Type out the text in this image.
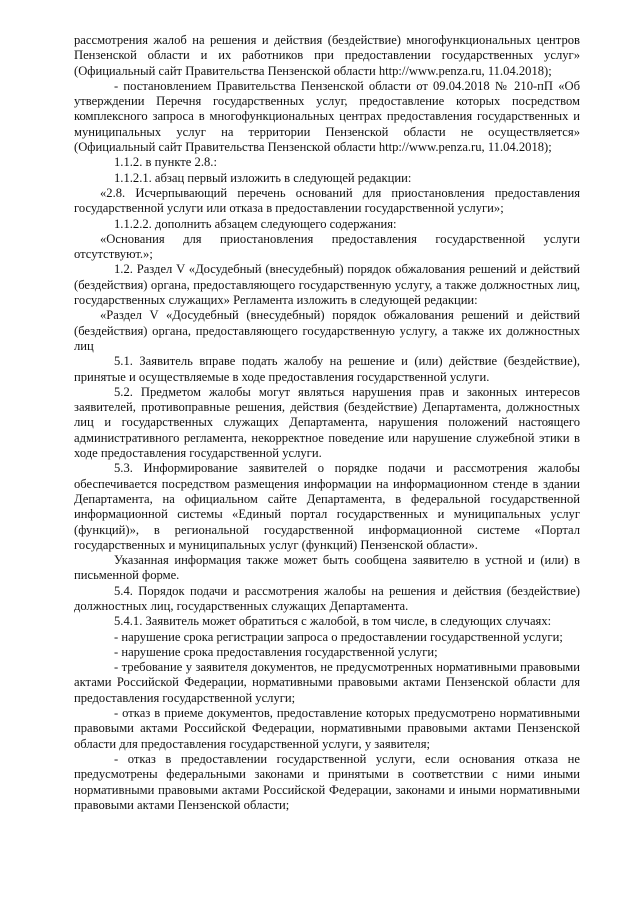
рассмотрения жалоб на решения и действия (бездействие) многофункциональных центров Пензенской области и их работников при предоставлении государственных услуг» (Официальный сайт Правительства Пензенской области http://www.penza.ru, 11.04.2018);

- постановлением Правительства Пензенской области от 09.04.2018 № 210-пП «Об утверждении Перечня государственных услуг, предоставление которых посредством комплексного запроса в многофункциональных центрах предоставления государственных и муниципальных услуг на территории Пензенской области не осуществляется» (Официальный сайт Правительства Пензенской области http://www.penza.ru, 11.04.2018);

1.1.2. в пункте 2.8.:

1.1.2.1. абзац первый изложить в следующей редакции:

«2.8. Исчерпывающий перечень оснований для приостановления предоставления государственной услуги или отказа в предоставлении государственной услуги»;

1.1.2.2. дополнить абзацем следующего содержания:

«Основания для приостановления предоставления государственной услуги отсутствуют.»;

1.2. Раздел V «Досудебный (внесудебный) порядок обжалования решений и действий (бездействия) органа, предоставляющего государственную услугу, а также должностных лиц, государственных служащих» Регламента изложить в следующей редакции:

«Раздел V «Досудебный (внесудебный) порядок обжалования решений и действий (бездействия) органа, предоставляющего государственную услугу, а также их должностных лиц

5.1. Заявитель вправе подать жалобу на решение и (или) действие (бездействие), принятые и осуществляемые в ходе предоставления государственной услуги.

5.2. Предметом жалобы могут являться нарушения прав и законных интересов заявителей, противоправные решения, действия (бездействие) Департамента, должностных лиц и государственных служащих Департамента, нарушения положений настоящего административного регламента, некорректное поведение или нарушение служебной этики в ходе предоставления государственной услуги.

5.3. Информирование заявителей о порядке подачи и рассмотрения жалобы обеспечивается посредством размещения информации на информационном стенде в здании Департамента, на официальном сайте Департамента, в федеральной государственной информационной системы «Единый портал государственных и муниципальных услуг (функций)», в региональной государственной информационной системе «Портал государственных и муниципальных услуг (функций) Пензенской области».

Указанная информация также может быть сообщена заявителю в устной и (или) в письменной форме.

5.4. Порядок подачи и рассмотрения жалобы на решения и действия (бездействие) должностных лиц, государственных служащих Департамента.

5.4.1. Заявитель может обратиться с жалобой, в том числе, в следующих случаях:

- нарушение срока регистрации запроса о предоставлении государственной услуги;

- нарушение срока предоставления государственной услуги;

- требование у заявителя документов, не предусмотренных нормативными правовыми актами Российской Федерации, нормативными правовыми актами Пензенской области для предоставления государственной услуги;

- отказ в приеме документов, предоставление которых предусмотрено нормативными правовыми актами Российской Федерации, нормативными правовыми актами Пензенской области для предоставления государственной услуги, у заявителя;

- отказ в предоставлении государственной услуги, если основания отказа не предусмотрены федеральными законами и принятыми в соответствии с ними иными нормативными правовыми актами Российской Федерации, законами и иными нормативными правовыми актами Пензенской области;
